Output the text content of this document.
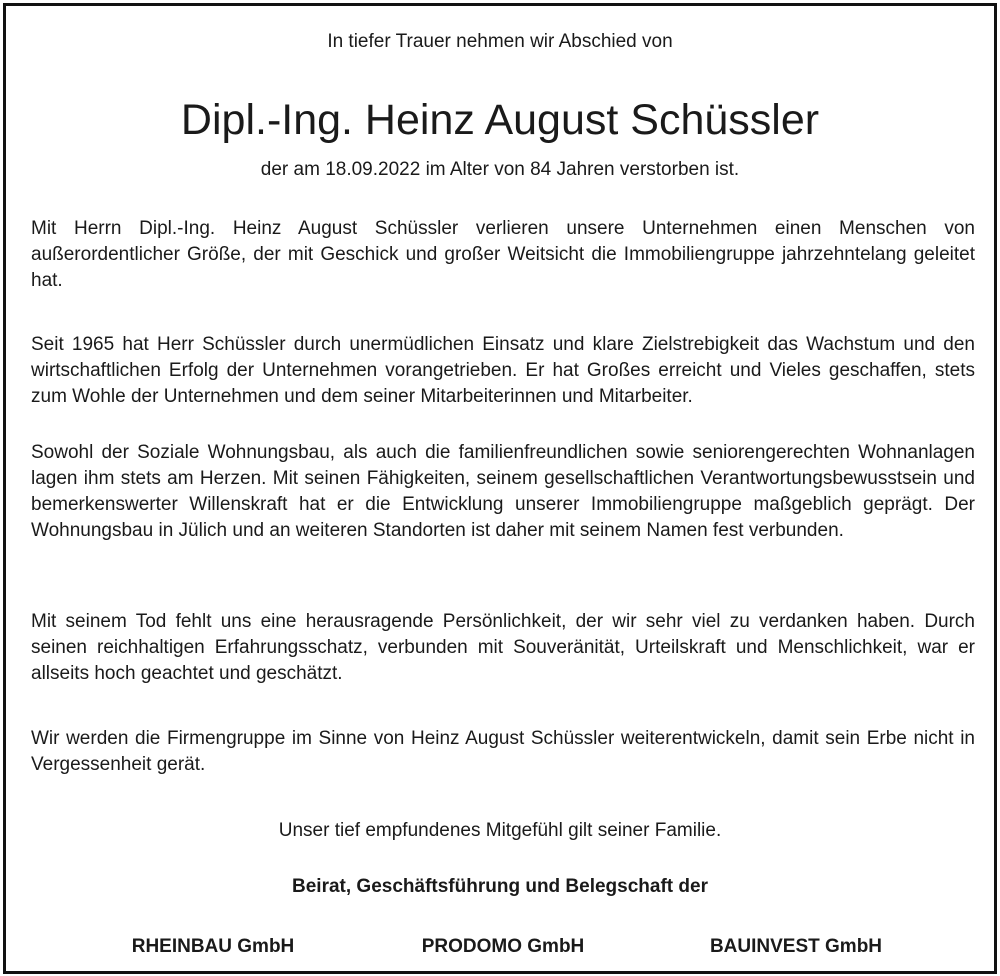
In tiefer Trauer nehmen wir Abschied von
Dipl.-Ing. Heinz August Schüssler
der am 18.09.2022 im Alter von 84 Jahren verstorben ist.

Mit Herrn Dipl.-Ing. Heinz August Schüssler verlieren unsere Unternehmen einen Menschen von außerordentlicher Größe, der mit Geschick und großer Weitsicht die Immobiliengruppe jahrzehntelang geleitet hat.

Seit 1965 hat Herr Schüssler durch unermüdlichen Einsatz und klare Zielstrebigkeit das Wachstum und den wirtschaftlichen Erfolg der Unternehmen vorangetrieben. Er hat Großes erreicht und Vieles geschaffen, stets zum Wohle der Unternehmen und dem seiner Mitarbeiterinnen und Mitarbeiter.

Sowohl der Soziale Wohnungsbau, als auch die familienfreundlichen sowie seniorengerechten Wohnanlagen lagen ihm stets am Herzen. Mit seinen Fähigkeiten, seinem gesellschaftlichen Verantwortungsbewusstsein und bemerkenswerter Willenskraft hat er die Entwicklung unserer Immobiliengruppe maßgeblich geprägt. Der Wohnungsbau in Jülich und an weiteren Standorten ist daher mit seinem Namen fest verbunden.

Mit seinem Tod fehlt uns eine herausragende Persönlichkeit, der wir sehr viel zu verdanken haben. Durch seinen reichhaltigen Erfahrungsschatz, verbunden mit Souveränität, Urteilskraft und Menschlichkeit, war er allseits hoch geachtet und geschätzt.

Wir werden die Firmengruppe im Sinne von Heinz August Schüssler weiterentwickeln, damit sein Erbe nicht in Vergessenheit gerät.

Unser tief empfundenes Mitgefühl gilt seiner Familie.
Beirat, Geschäftsführung und Belegschaft der
RHEINBAU GmbH	PRODOMO GmbH	BAUINVEST GmbH
